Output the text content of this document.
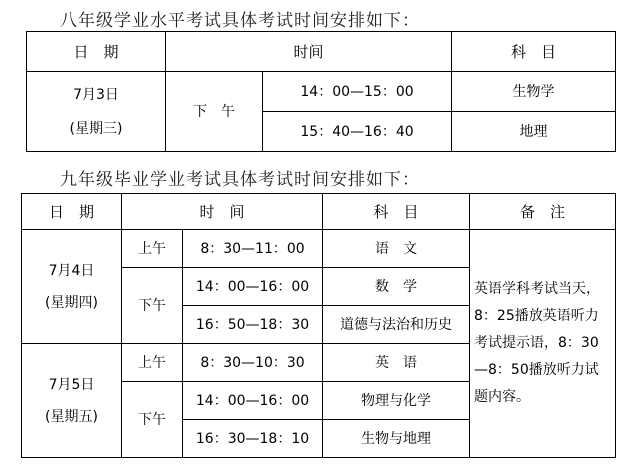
八年级学业水平考试具体考试时间安排如下：
日　期	时间		科　目
7月3日
(星期三)	下　午	14：00—15：00	生物学
		15：40—16：40	地理
九年级毕业学业考试具体考试时间安排如下：
日　期	时　间		科　目	备　注
7月4日
(星期四)	上午	8：30—11：00	语　文	英语学科考试当天，8：25播放英语听力考试提示语，8：30—8：50播放听力试题内容。
	下午	14：00—16：00	数　学	
		16：50—18：30	道德与法治和历史	
7月5日
(星期五)	上午	8：30—10：30	英　语	
	下午	14：00—16：00	物理与化学	
		16：30—18：10	生物与地理	
